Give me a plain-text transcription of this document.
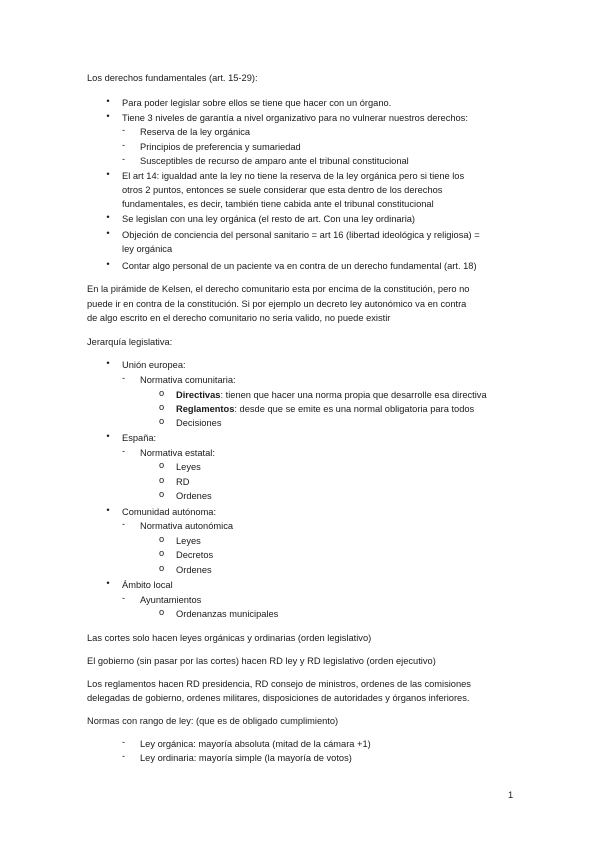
Los derechos fundamentales (art. 15-29):
•	Para poder legislar sobre ellos se tiene que hacer con un órgano.
•	Tiene 3 niveles de garantía a nivel organizativo para no vulnerar nuestros derechos:
- Reserva de la ley orgánica
- Principios de preferencia y sumariedad
- Susceptibles de recurso de amparo ante el tribunal constitucional
•	El art 14: igualdad ante la ley no tiene la reserva de la ley orgánica pero si tiene los
otros 2 puntos, entonces se suele considerar que esta dentro de los derechos
fundamentales, es decir, también tiene cabida ante el tribunal constitucional
•	Se legislan con una ley orgánica (el resto de art. Con una ley ordinaria)
•	Objeción de conciencia del personal sanitario = art 16 (libertad ideológica y religiosa) =
ley orgánica
•	Contar algo personal de un paciente va en contra de un derecho fundamental (art. 18)
En la pirámide de Kelsen, el derecho comunitario esta por encima de la constitución, pero no
puede ir en contra de la constitución. Si por ejemplo un decreto ley autonómico va en contra
de algo escrito en el derecho comunitario no seria valido, no puede existir
Jerarquía legislativa:
•	Unión europea:
- Normativa comunitaria:
o Directivas: tienen que hacer una norma propia que desarrolle esa directiva
o Reglamentos: desde que se emite es una normal obligatoria para todos
o Decisiones
•	España:
- Normativa estatal:
o Leyes
o RD
o Ordenes
•	Comunidad autónoma:
- Normativa autonómica
o Leyes
o Decretos
o Ordenes
•	Ámbito local
- Ayuntamientos
o Ordenanzas municipales
Las cortes solo hacen leyes orgánicas y ordinarias (orden legislativo)
El gobierno (sin pasar por las cortes) hacen RD ley y RD legislativo (orden ejecutivo)
Los reglamentos hacen RD presidencia, RD consejo de ministros, ordenes de las comisiones
delegadas de gobierno, ordenes militares, disposiciones de autoridades y órganos inferiores.
Normas con rango de ley: (que es de obligado cumplimiento)
- Ley orgánica: mayoría absoluta (mitad de la cámara +1)
- Ley ordinaria: mayoría simple (la mayoría de votos)
1
